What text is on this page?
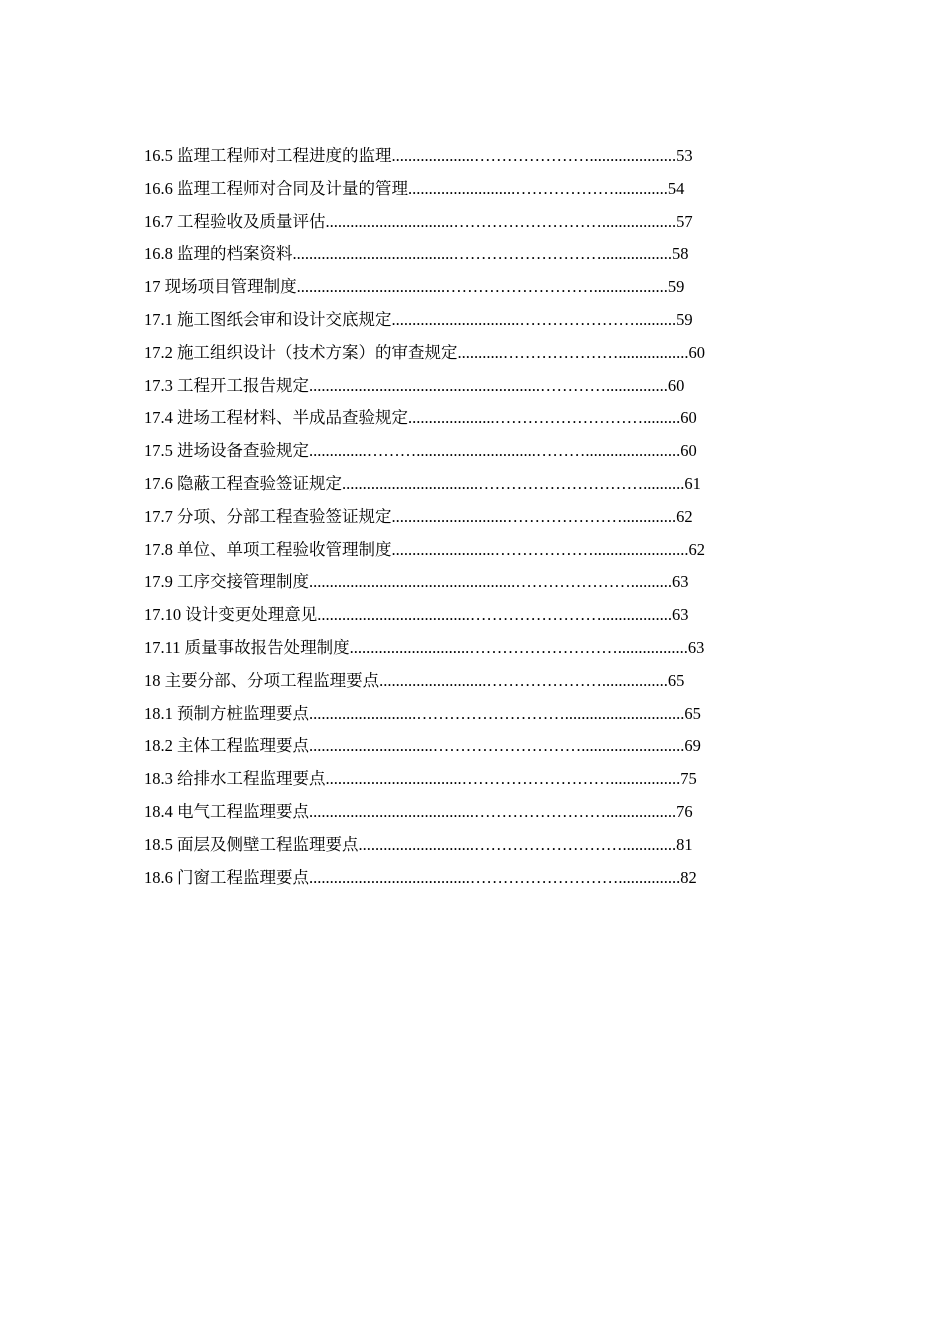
16.5 监理工程师对工程进度的监理....................………………….....................53
16.6 监理工程师对合同及计量的管理..........................……………….............54
16.7 工程验收及质量评估...............................………………………..................57
16.8 监理的档案资料.......................................……………………….................58
17 现场项目管理制度....................................………………………..................59
17.1 施工图纸会审和设计交底规定...............................…………………..........59
17.2 施工组织设计（技术方案）的审查规定...........………………….................60
17.3 工程开工报告规定........................................................…………...............60
17.4 进场工程材料、半成品查验规定.....................……………………….........60
17.5 进场设备查验规定..............……….............................……….......................60
17.6 隐蔽工程查验签证规定.................................…………………………..........61
17.7 分项、分部工程查验签证规定............................………………….............62
17.8 单位、单项工程验收管理制度.........................……………….......................62
17.9 工序交接管理制度..................................................…………………..........63
17.10 设计变更处理意见.....................................…………………….................63
17.11 质量事故报告处理制度.............................……………………….................63
18 主要分部、分项工程监理要点..........................…………………................65
18.1 预制方桩监理要点..........................……………………….............................65
18.2 主体工程监理要点..............................……………………….........................69
18.3 给排水工程监理要点.................................……………………….................75
18.4 电气工程监理要点........................................…………………….................76
18.5 面层及侧壁工程监理要点............................……………………….............81
18.6 门窗工程监理要点.......................................………………………...............82
